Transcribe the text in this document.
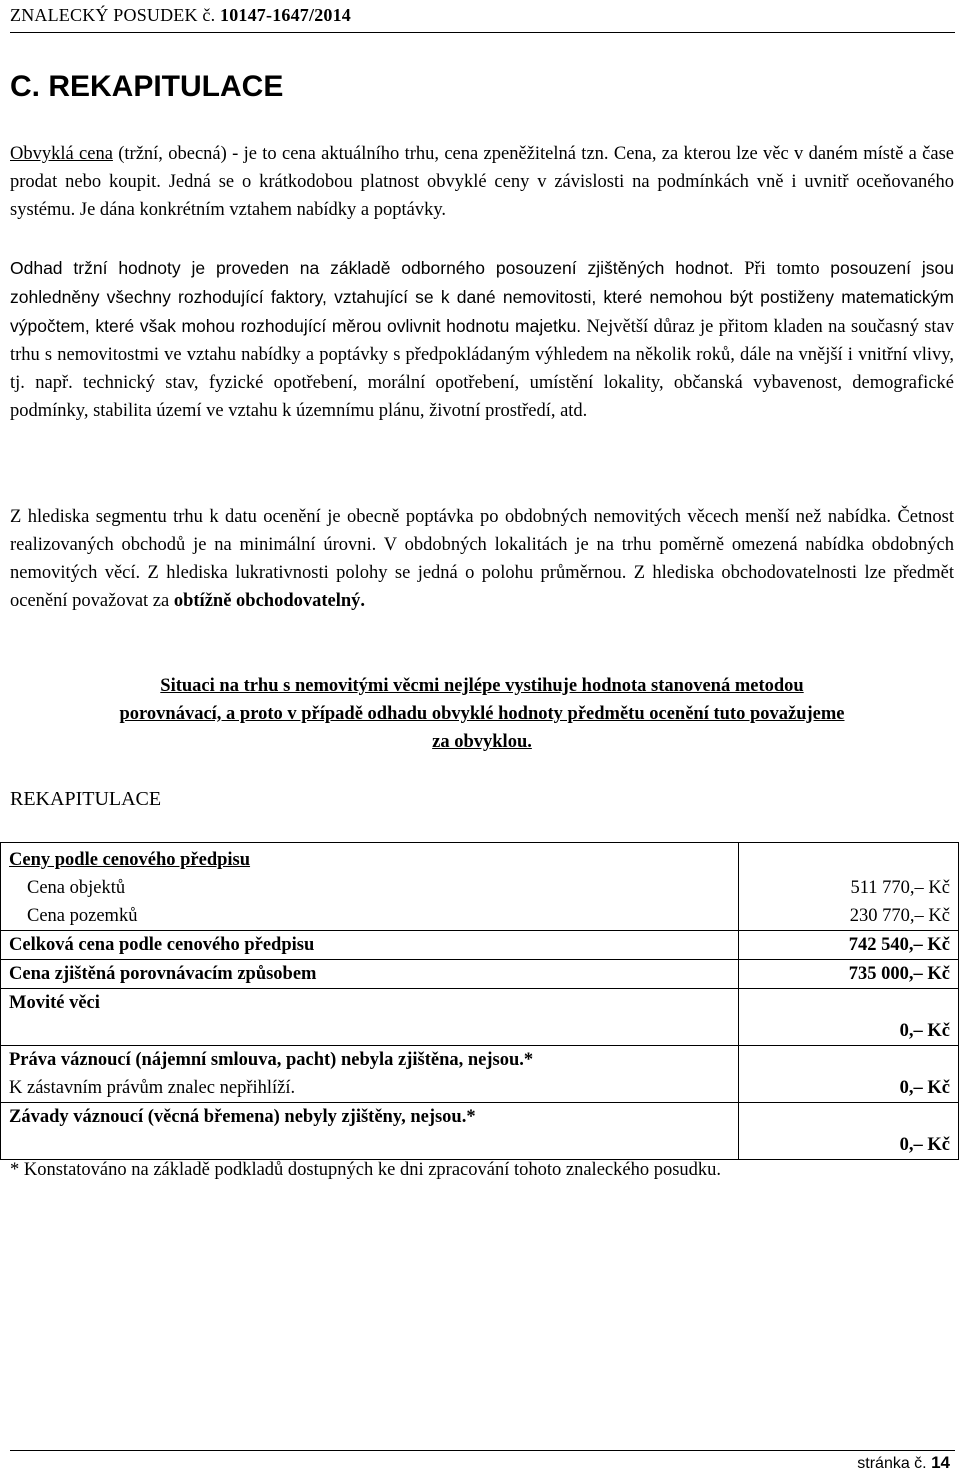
ZNALECKÝ POSUDEK č. 10147-1647/2014
C. REKAPITULACE
Obvyklá cena (tržní, obecná) - je to cena aktuálního trhu, cena zpeněžitelná tzn. Cena, za kterou lze věc v daném místě a čase prodat nebo koupit. Jedná se o krátkodobou platnost obvyklé ceny v závislosti na podmínkách vně i uvnitř oceňovaného systému. Je dána konkrétním vztahem nabídky a poptávky.
Odhad tržní hodnoty je proveden na základě odborného posouzení zjištěných hodnot. Při tomto posouzení jsou zohledněny všechny rozhodující faktory, vztahující se k dané nemovitosti, které nemohou být postiženy matematickým výpočtem, které však mohou rozhodující měrou ovlivnit hodnotu majetku. Největší důraz je přitom kladen na současný stav trhu s nemovitostmi ve vztahu nabídky a poptávky s předpokládaným výhledem na několik roků, dále na vnější i vnitřní vlivy, tj. např. technický stav, fyzické opotřebení, morální opotřebení, umístění lokality, občanská vybavenost, demografické podmínky, stabilita území ve vztahu k územnímu plánu, životní prostředí, atd.
Z hlediska segmentu trhu k datu ocenění je obecně poptávka po obdobných nemovitých věcech menší než nabídka. Četnost realizovaných obchodů je na minimální úrovni. V obdobných lokalitách je na trhu poměrně omezená nabídka obdobných nemovitých věcí. Z hlediska lukrativnosti polohy se jedná o polohu průměrnou. Z hlediska obchodovatelnosti lze předmět ocenění považovat za obtížně obchodovatelný.
Situaci na trhu s nemovitými věcmi nejlépe vystihuje hodnota stanovená metodou
porovnávací, a proto v případě odhadu obvyklé hodnoty předmětu ocenění tuto považujeme
za obvyklou.
REKAPITULACE
Ceny podle cenového předpisu	
Cena objektů	511 770,– Kč
Cena pozemků	230 770,– Kč
Celková cena podle cenového předpisu	742 540,– Kč
Cena zjištěná porovnávacím způsobem	735 000,– Kč
Movité věci	0,– Kč

Práva váznoucí (nájemní smlouva, pacht) nebyla zjištěna, nejsou.*
K zástavním právům znalec nepřihlíží.	0,– Kč
Závady váznoucí (věcná břemena) nebyly zjištěny, nejsou.*	0,– Kč
* Konstatováno na základě podkladů dostupných ke dni zpracování tohoto znaleckého posudku.
stránka č. 14
